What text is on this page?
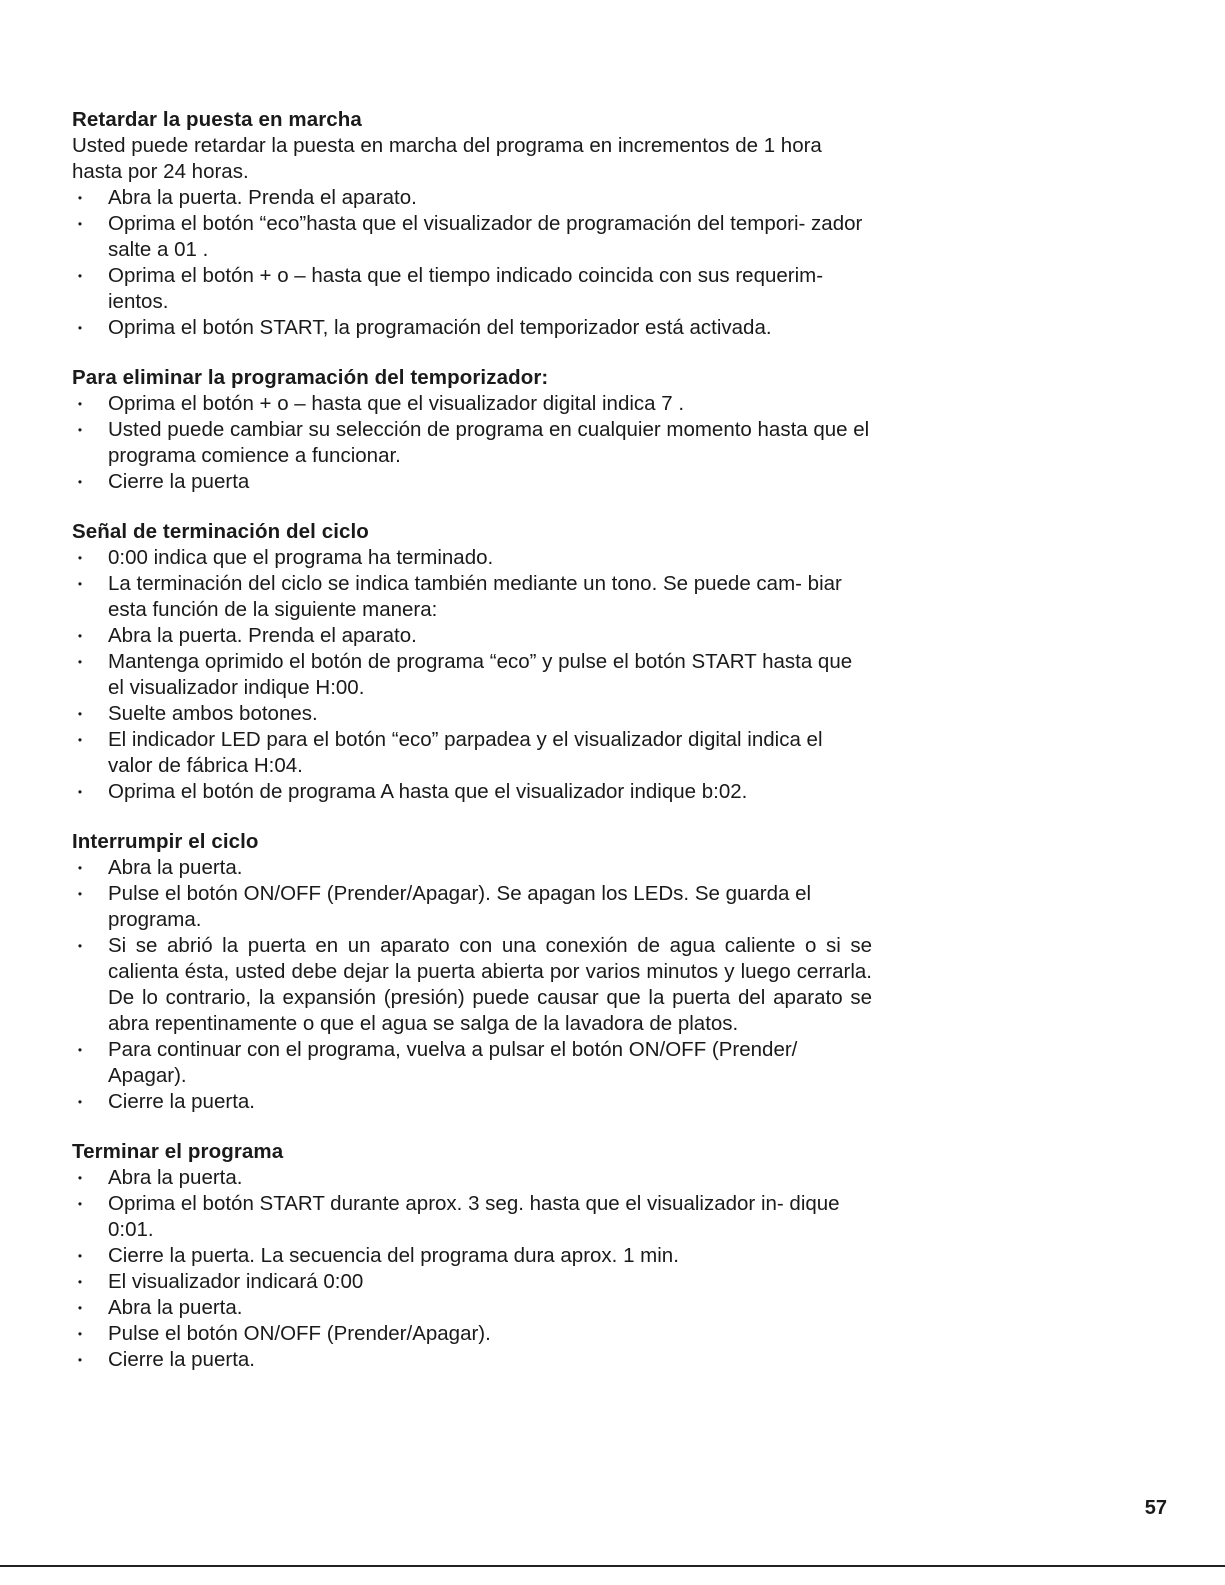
Retardar la puesta en marcha

Usted puede retardar la puesta en marcha del programa en incrementos de 1 hora hasta por 24 horas.

• Abra la puerta. Prenda el aparato.
• Oprima el botón “eco”hasta que el visualizador de programación del tempori- zador salte a 01 .
• Oprima el botón + o – hasta que el tiempo indicado coincida con sus requerim- ientos.
• Oprima el botón START, la programación del temporizador está activada.
Para eliminar la programación del temporizador:
• Oprima el botón + o – hasta que el visualizador digital indica 7 .
• Usted puede cambiar su selección de programa en cualquier momento hasta que el programa comience a funcionar.
• Cierre la puerta
Señal de terminación del ciclo
• 0:00 indica que el programa ha terminado.
• La terminación del ciclo se indica también mediante un tono. Se puede cam- biar esta función de la siguiente manera:
• Abra la puerta. Prenda el aparato.
• Mantenga oprimido el botón de programa “eco” y pulse el botón START hasta que el visualizador indique H:00.
• Suelte ambos botones.
• El indicador LED para el botón “eco” parpadea y el visualizador digital indica el valor de fábrica H:04.
• Oprima el botón de programa A hasta que el visualizador indique b:02.
Interrumpir el ciclo
• Abra la puerta.
• Pulse el botón ON/OFF (Prender/Apagar). Se apagan los LEDs. Se guarda el programa.
• Si se abrió la puerta en un aparato con una conexión de agua caliente o si se calienta ésta, usted debe dejar la puerta abierta por varios minutos y luego cerrarla. De lo contrario, la expansión (presión) puede causar que la puerta del aparato se abra repentinamente o que el agua se salga de la lavadora de platos.
• Para continuar con el programa, vuelva a pulsar el botón ON/OFF (Prender/ Apagar).
• Cierre la puerta.
Terminar el programa
• Abra la puerta.
• Oprima el botón START durante aprox. 3 seg. hasta que el visualizador in- dique 0:01.
• Cierre la puerta. La secuencia del programa dura aprox. 1 min.
• El visualizador indicará 0:00
• Abra la puerta.
• Pulse el botón ON/OFF (Prender/Apagar).
• Cierre la puerta.
57
